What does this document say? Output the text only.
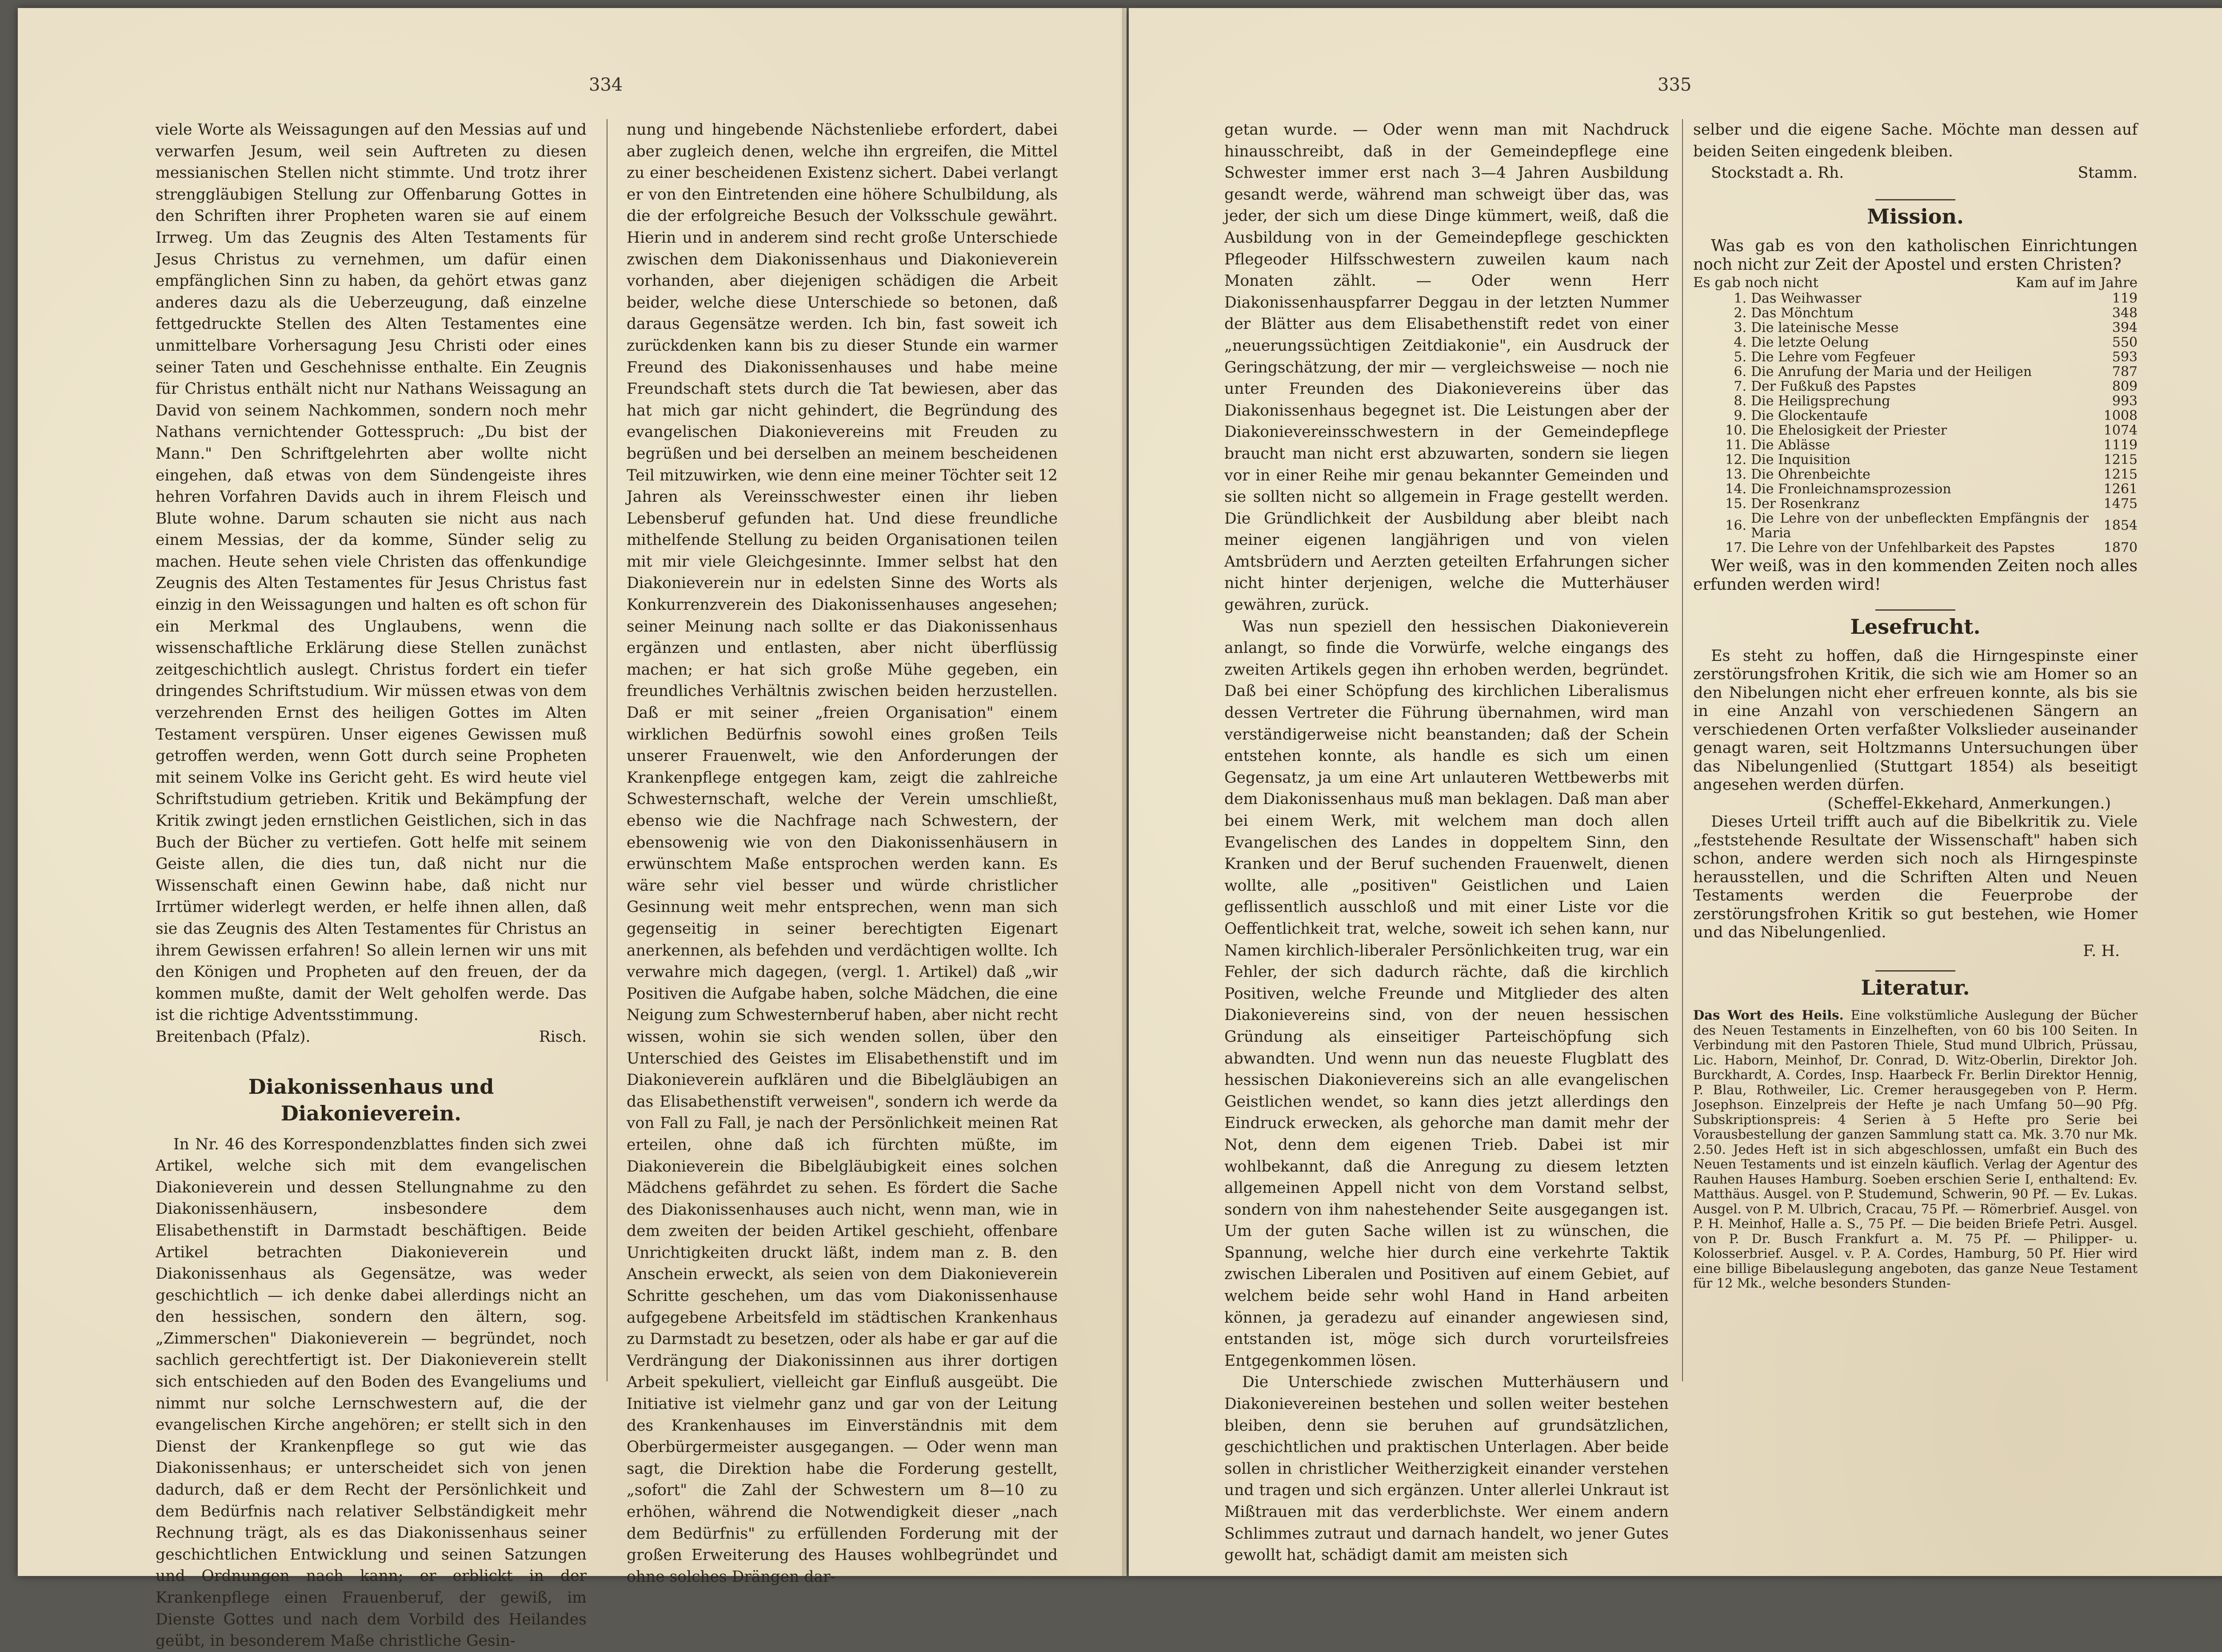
334

viele Worte als Weissagungen auf den Messias auf und verwarfen Jesum, weil sein Auftreten zu diesen messianischen Stellen nicht stimmte. Und trotz ihrer strenggläubigen Stellung zur Offenbarung Gottes in den Schriften ihrer Propheten waren sie auf einem Irrweg. Um das Zeugnis des Alten Testaments für Jesus Christus zu vernehmen, um dafür einen empfänglichen Sinn zu haben, da gehört etwas ganz anderes dazu als die Ueberzeugung, daß einzelne fettgedruckte Stellen des Alten Testamentes eine unmittelbare Vorhersagung Jesu Christi oder eines seiner Taten und Geschehnisse enthalte. Ein Zeugnis für Christus enthält nicht nur Nathans Weissagung an David von seinem Nachkommen, sondern noch mehr Nathans vernichtender Gottesspruch: „Du bist der Mann." Den Schriftgelehrten aber wollte nicht eingehen, daß etwas von dem Sündengeiste ihres hehren Vorfahren Davids auch in ihrem Fleisch und Blute wohne. Darum schauten sie nicht aus nach einem Messias, der da komme, Sünder selig zu machen. Heute sehen viele Christen das offenkundige Zeugnis des Alten Testamentes für Jesus Christus fast einzig in den Weissagungen und halten es oft schon für ein Merkmal des Unglaubens, wenn die wissenschaftliche Erklärung diese Stellen zunächst zeitgeschichtlich auslegt. Christus fordert ein tiefer dringendes Schriftstudium. Wir müssen etwas von dem verzehrenden Ernst des heiligen Gottes im Alten Testament verspüren. Unser eigenes Gewissen muß getroffen werden, wenn Gott durch seine Propheten mit seinem Volke ins Gericht geht. Es wird heute viel Schriftstudium getrieben. Kritik und Bekämpfung der Kritik zwingt jeden ernstlichen Geistlichen, sich in das Buch der Bücher zu vertiefen. Gott helfe mit seinem Geiste allen, die dies tun, daß nicht nur die Wissenschaft einen Gewinn habe, daß nicht nur Irrtümer widerlegt werden, er helfe ihnen allen, daß sie das Zeugnis des Alten Testamentes für Christus an ihrem Gewissen erfahren! So allein lernen wir uns mit den Königen und Propheten auf den freuen, der da kommen mußte, damit der Welt geholfen werde. Das ist die richtige Adventsstimmung.

Breitenbach (Pfalz).	Risch.
Diakonissenhaus und Diakonieverein.

In Nr. 46 des Korrespondenzblattes finden sich zwei Artikel, welche sich mit dem evangelischen Diakonieverein und dessen Stellungnahme zu den Diakonissenhäusern, insbesondere dem Elisabethenstift in Darmstadt beschäftigen. Beide Artikel betrachten Diakonieverein und Diakonissenhaus als Gegensätze, was weder geschichtlich — ich denke dabei allerdings nicht an den hessischen, sondern den ältern, sog. „Zimmerschen" Diakonieverein — begründet, noch sachlich gerechtfertigt ist. Der Diakonieverein stellt sich entschieden auf den Boden des Evangeliums und nimmt nur solche Lernschwestern auf, die der evangelischen Kirche angehören; er stellt sich in den Dienst der Krankenpflege so gut wie das Diakonissenhaus; er unterscheidet sich von jenen dadurch, daß er dem Recht der Persönlichkeit und dem Bedürfnis nach relativer Selbständigkeit mehr Rechnung trägt, als es das Diakonissenhaus seiner geschichtlichen Entwicklung und seinen Satzungen und Ordnungen nach kann; er erblickt in der Krankenpflege einen Frauenberuf, der gewiß, im Dienste Gottes und nach dem Vorbild des Heilandes geübt, in besonderem Maße christliche Gesin-

nung und hingebende Nächstenliebe erfordert, dabei aber zugleich denen, welche ihn ergreifen, die Mittel zu einer bescheidenen Existenz sichert. Dabei verlangt er von den Eintretenden eine höhere Schulbildung, als die der erfolgreiche Besuch der Volksschule gewährt. Hierin und in anderem sind recht große Unterschiede zwischen dem Diakonissenhaus und Diakonieverein vorhanden, aber diejenigen schädigen die Arbeit beider, welche diese Unterschiede so betonen, daß daraus Gegensätze werden. Ich bin, fast soweit ich zurückdenken kann bis zu dieser Stunde ein warmer Freund des Diakonissenhauses und habe meine Freundschaft stets durch die Tat bewiesen, aber das hat mich gar nicht gehindert, die Begründung des evangelischen Diakonievereins mit Freuden zu begrüßen und bei derselben an meinem bescheidenen Teil mitzuwirken, wie denn eine meiner Töchter seit 12 Jahren als Vereinsschwester einen ihr lieben Lebensberuf gefunden hat. Und diese freundliche mithelfende Stellung zu beiden Organisationen teilen mit mir viele Gleichgesinnte. Immer selbst hat den Diakonieverein nur in edelsten Sinne des Worts als Konkurrenzverein des Diakonissenhauses angesehen; seiner Meinung nach sollte er das Diakonissenhaus ergänzen und entlasten, aber nicht überflüssig machen; er hat sich große Mühe gegeben, ein freundliches Verhältnis zwischen beiden herzustellen. Daß er mit seiner „freien Organisation" einem wirklichen Bedürfnis sowohl eines großen Teils unserer Frauenwelt, wie den Anforderungen der Krankenpflege entgegen kam, zeigt die zahlreiche Schwesternschaft, welche der Verein umschließt, ebenso wie die Nachfrage nach Schwestern, der ebensowenig wie von den Diakonissenhäusern in erwünschtem Maße entsprochen werden kann. Es wäre sehr viel besser und würde christlicher Gesinnung weit mehr entsprechen, wenn man sich gegenseitig in seiner berechtigten Eigenart anerkennen, als befehden und verdächtigen wollte. Ich verwahre mich dagegen, (vergl. 1. Artikel) daß „wir Positiven die Aufgabe haben, solche Mädchen, die eine Neigung zum Schwesternberuf haben, aber nicht recht wissen, wohin sie sich wenden sollen, über den Unterschied des Geistes im Elisabethenstift und im Diakonieverein aufklären und die Bibelgläubigen an das Elisabethenstift verweisen", sondern ich werde da von Fall zu Fall, je nach der Persönlichkeit meinen Rat erteilen, ohne daß ich fürchten müßte, im Diakonieverein die Bibelgläubigkeit eines solchen Mädchens gefährdet zu sehen. Es fördert die Sache des Diakonissenhauses auch nicht, wenn man, wie in dem zweiten der beiden Artikel geschieht, offenbare Unrichtigkeiten druckt läßt, indem man z. B. den Anschein erweckt, als seien von dem Diakonieverein Schritte geschehen, um das vom Diakonissenhause aufgegebene Arbeitsfeld im städtischen Krankenhaus zu Darmstadt zu besetzen, oder als habe er gar auf die Verdrängung der Diakonissinnen aus ihrer dortigen Arbeit spekuliert, vielleicht gar Einfluß ausgeübt. Die Initiative ist vielmehr ganz und gar von der Leitung des Krankenhauses im Einverständnis mit dem Oberbürgermeister ausgegangen. — Oder wenn man sagt, die Direktion habe die Forderung gestellt, „sofort" die Zahl der Schwestern um 8—10 zu erhöhen, während die Notwendigkeit dieser „nach dem Bedürfnis" zu erfüllenden Forderung mit der großen Erweiterung des Hauses wohlbegründet und ohne solches Drängen dar-

335

getan wurde. — Oder wenn man mit Nachdruck hinausschreibt, daß in der Gemeindepflege eine Schwester immer erst nach 3—4 Jahren Ausbildung gesandt werde, während man schweigt über das, was jeder, der sich um diese Dinge kümmert, weiß, daß die Ausbildung von in der Gemeindepflege geschickten Pflegeoder Hilfsschwestern zuweilen kaum nach Monaten zählt. — Oder wenn Herr Diakonissenhauspfarrer Deggau in der letzten Nummer der Blätter aus dem Elisabethenstift redet von einer „neuerungssüchtigen Zeitdiakonie", ein Ausdruck der Geringschätzung, der mir — vergleichsweise — noch nie unter Freunden des Diakonievereins über das Diakonissenhaus begegnet ist. Die Leistungen aber der Diakonievereinsschwestern in der Gemeindepflege braucht man nicht erst abzuwarten, sondern sie liegen vor in einer Reihe mir genau bekannter Gemeinden und sie sollten nicht so allgemein in Frage gestellt werden. Die Gründlichkeit der Ausbildung aber bleibt nach meiner eigenen langjährigen und von vielen Amtsbrüdern und Aerzten geteilten Erfahrungen sicher nicht hinter derjenigen, welche die Mutterhäuser gewähren, zurück.

Was nun speziell den hessischen Diakonieverein anlangt, so finde die Vorwürfe, welche eingangs des zweiten Artikels gegen ihn erhoben werden, begründet. Daß bei einer Schöpfung des kirchlichen Liberalismus dessen Vertreter die Führung übernahmen, wird man verständigerweise nicht beanstanden; daß der Schein entstehen konnte, als handle es sich um einen Gegensatz, ja um eine Art unlauteren Wettbewerbs mit dem Diakonissenhaus muß man beklagen. Daß man aber bei einem Werk, mit welchem man doch allen Evangelischen des Landes in doppeltem Sinn, den Kranken und der Beruf suchenden Frauenwelt, dienen wollte, alle „positiven" Geistlichen und Laien geflissentlich ausschloß und mit einer Liste vor die Oeffentlichkeit trat, welche, soweit ich sehen kann, nur Namen kirchlich-liberaler Persönlichkeiten trug, war ein Fehler, der sich dadurch rächte, daß die kirchlich Positiven, welche Freunde und Mitglieder des alten Diakonievereins sind, von der neuen hessischen Gründung als einseitiger Parteischöpfung sich abwandten. Und wenn nun das neueste Flugblatt des hessischen Diakonievereins sich an alle evangelischen Geistlichen wendet, so kann dies jetzt allerdings den Eindruck erwecken, als gehorche man damit mehr der Not, denn dem eigenen Trieb. Dabei ist mir wohlbekannt, daß die Anregung zu diesem letzten allgemeinen Appell nicht von dem Vorstand selbst, sondern von ihm nahestehender Seite ausgegangen ist. Um der guten Sache willen ist zu wünschen, die Spannung, welche hier durch eine verkehrte Taktik zwischen Liberalen und Positiven auf einem Gebiet, auf welchem beide sehr wohl Hand in Hand arbeiten können, ja geradezu auf einander angewiesen sind, entstanden ist, möge sich durch vorurteilsfreies Entgegenkommen lösen.

Die Unterschiede zwischen Mutterhäusern und Diakonievereinen bestehen und sollen weiter bestehen bleiben, denn sie beruhen auf grundsätzlichen, geschichtlichen und praktischen Unterlagen. Aber beide sollen in christlicher Weitherzigkeit einander verstehen und tragen und sich ergänzen. Unter allerlei Unkraut ist Mißtrauen mit das verderblichste. Wer einem andern Schlimmes zutraut und darnach handelt, wo jener Gutes gewollt hat, schädigt damit am meisten sich

selber und die eigene Sache. Möchte man dessen auf beiden Seiten eingedenk bleiben.

Stockstadt a. Rh.	Stamm.
Mission.

Was gab es von den katholischen Einrichtungen noch nicht zur Zeit der Apostel und ersten Christen?

Es gab noch nicht	Kam auf im Jahre
1.	Das Weihwasser	119
2.	Das Mönchtum	348
3.	Die lateinische Messe	394
4.	Die letzte Oelung	550
5.	Die Lehre vom Fegfeuer	593
6.	Die Anrufung der Maria und der Heiligen	787
7.	Der Fußkuß des Papstes	809
8.	Die Heiligsprechung	993
9.	Die Glockentaufe	1008
10.	Die Ehelosigkeit der Priester	1074
11.	Die Ablässe	1119
12.	Die Inquisition	1215
13.	Die Ohrenbeichte	1215
14.	Die Fronleichnamsprozession	1261
15.	Der Rosenkranz	1475
16.	Die Lehre von der unbefleckten Empfängnis der Maria	1854
17.	Die Lehre von der Unfehlbarkeit des Papstes	1870

Wer weiß, was in den kommenden Zeiten noch alles erfunden werden wird!

Lesefrucht.

Es steht zu hoffen, daß die Hirngespinste einer zerstörungsfrohen Kritik, die sich wie am Homer so an den Nibelungen nicht eher erfreuen konnte, als bis sie in eine Anzahl von verschiedenen Sängern an verschiedenen Orten verfaßter Volkslieder auseinander genagt waren, seit Holtzmanns Untersuchungen über das Nibelungenlied (Stuttgart 1854) als beseitigt angesehen werden dürfen.

(Scheffel-Ekkehard, Anmerkungen.)

Dieses Urteil trifft auch auf die Bibelkritik zu. Viele „feststehende Resultate der Wissenschaft" haben sich schon, andere werden sich noch als Hirngespinste herausstellen, und die Schriften Alten und Neuen Testaments werden die Feuerprobe der zerstörungsfrohen Kritik so gut bestehen, wie Homer und das Nibelungenlied.

F. H.

Literatur.

Das Wort des Heils. Eine volkstümliche Auslegung der Bücher des Neuen Testaments in Einzelheften, von 60 bis 100 Seiten. In Verbindung mit den Pastoren Thiele, Stud mund Ulbrich, Prüssau, Lic. Haborn, Meinhof, Dr. Conrad, D. Witz-Oberlin, Direktor Joh. Burckhardt, A. Cordes, Insp. Haarbeck Fr. Berlin Direktor Hennig, P. Blau, Rothweiler, Lic. Cremer herausgegeben von P. Herm. Josephson. Einzelpreis der Hefte je nach Umfang 50—90 Pfg. Subskriptionspreis: 4 Serien à 5 Hefte pro Serie bei Vorausbestellung der ganzen Sammlung statt ca. Mk. 3.70 nur Mk. 2.50. Jedes Heft ist in sich abgeschlossen, umfaßt ein Buch des Neuen Testaments und ist einzeln käuflich. Verlag der Agentur des Rauhen Hauses Hamburg. Soeben erschien Serie I, enthaltend: Ev. Matthäus. Ausgel. von P. Studemund, Schwerin, 90 Pf. — Ev. Lukas. Ausgel. von P. M. Ulbrich, Cracau, 75 Pf. — Römerbrief. Ausgel. von P. H. Meinhof, Halle a. S., 75 Pf. — Die beiden Briefe Petri. Ausgel. von P. Dr. Busch Frankfurt a. M. 75 Pf. — Philipper- u. Kolosserbrief. Ausgel. v. P. A. Cordes, Hamburg, 50 Pf. Hier wird eine billige Bibelauslegung angeboten, das ganze Neue Testament für 12 Mk., welche besonders Stunden-
